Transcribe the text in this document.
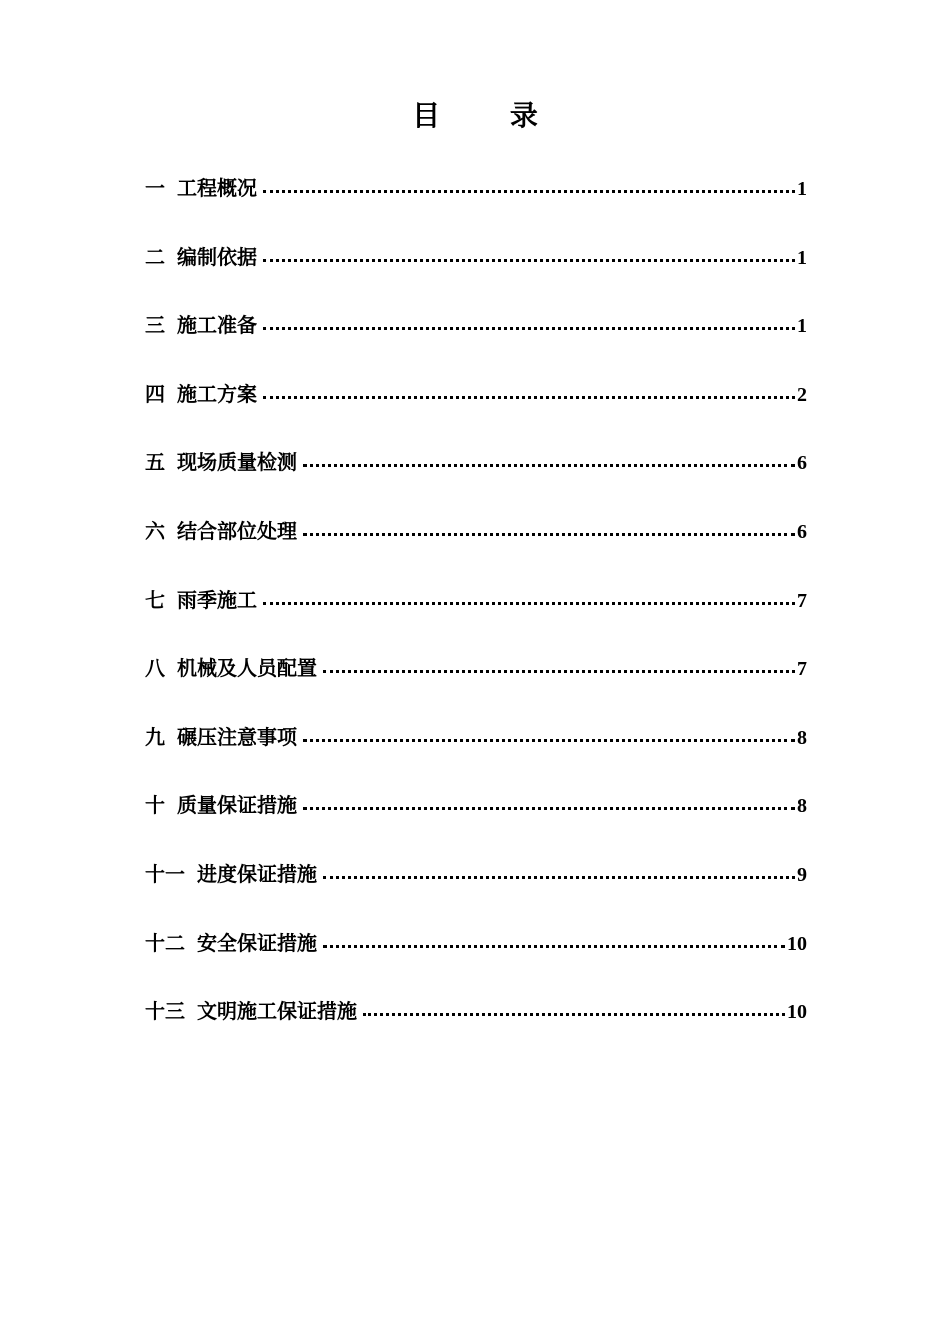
目 录
一 工程概况	1
二 编制依据	1
三 施工准备	1
四 施工方案	2
五 现场质量检测	6
六 结合部位处理	6
七 雨季施工	7
八 机械及人员配置	7
九 碾压注意事项	8
十 质量保证措施	8
十一 进度保证措施	9
十二 安全保证措施	10
十三 文明施工保证措施	10
